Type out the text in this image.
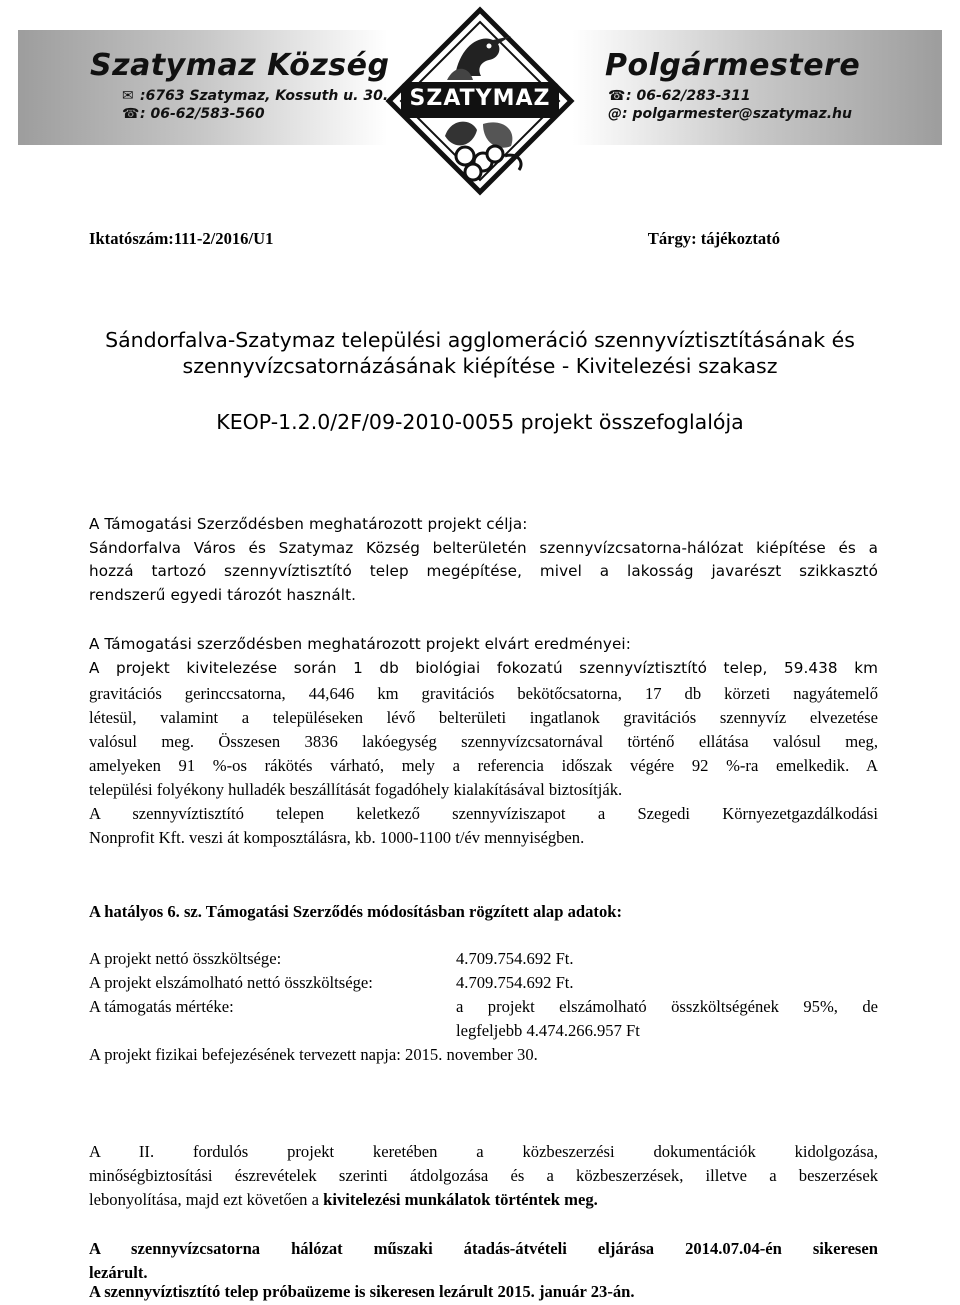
Szatymaz Község
✉ :6763 Szatymaz, Kossuth u. 30.
☎: 06-62/583-560
SZATYMAZ
Polgármestere
☎: 06-62/283-311
@: polgarmester@szatymaz.hu
Iktatószám:111-2/2016/U1	Tárgy: tájékoztató
Sándorfalva-Szatymaz települési agglomeráció szennyvíztisztításának és
szennyvízcsatornázásának kiépítése - Kivitelezési szakasz
KEOP-1.2.0/2F/09-2010-0055 projekt összefoglalója
A Támogatási Szerződésben meghatározott projekt célja:
Sándorfalva Város és Szatymaz Község belterületén szennyvízcsatorna-hálózat kiépítése és a
hozzá tartozó szennyvíztisztító telep megépítése, mivel a lakosság javarészt szikkasztó
rendszerű egyedi tározót használt.
A Támogatási szerződésben meghatározott projekt elvárt eredményei:
A projekt kivitelezése során 1 db biológiai fokozatú szennyvíztisztító telep, 59.438 km
gravitációs gerinccsatorna, 44,646 km gravitációs bekötőcsatorna, 17 db körzeti nagyátemelő
létesül, valamint a településeken lévő belterületi ingatlanok gravitációs szennyvíz elvezetése
valósul meg. Összesen 3836 lakóegység szennyvízcsatornával történő ellátása valósul meg,
amelyeken 91 %-os rákötés várható, mely a referencia időszak végére 92 %-ra emelkedik. A
települési folyékony hulladék beszállítását fogadóhely kialakításával biztosítják.
A szennyvíztisztító telepen keletkező szennyvíziszapot a Szegedi Környezetgazdálkodási
Nonprofit Kft. veszi át komposztálásra, kb. 1000-1100 t/év mennyiségben.
A hatályos 6. sz. Támogatási Szerződés módosításban rögzített alap adatok:
A projekt nettó összköltsége:	4.709.754.692 Ft.
A projekt elszámolható nettó összköltsége:	4.709.754.692 Ft.
A támogatás mértéke:	a projekt elszámolható összköltségének 95%, de
legfeljebb 4.474.266.957 Ft
A projekt fizikai befejezésének tervezett napja: 2015. november 30.
A II. fordulós projekt keretében a közbeszerzési dokumentációk kidolgozása,
minőségbiztosítási észrevételek szerinti átdolgozása és a közbeszerzések, illetve a beszerzések
lebonyolítása, majd ezt követően a kivitelezési munkálatok történtek meg.
A szennyvízcsatorna hálózat műszaki átadás-átvételi eljárása 2014.07.04-én sikeresen
lezárult.
A szennyvíztisztító telep próbaüzeme is sikeresen lezárult 2015. január 23-án.
